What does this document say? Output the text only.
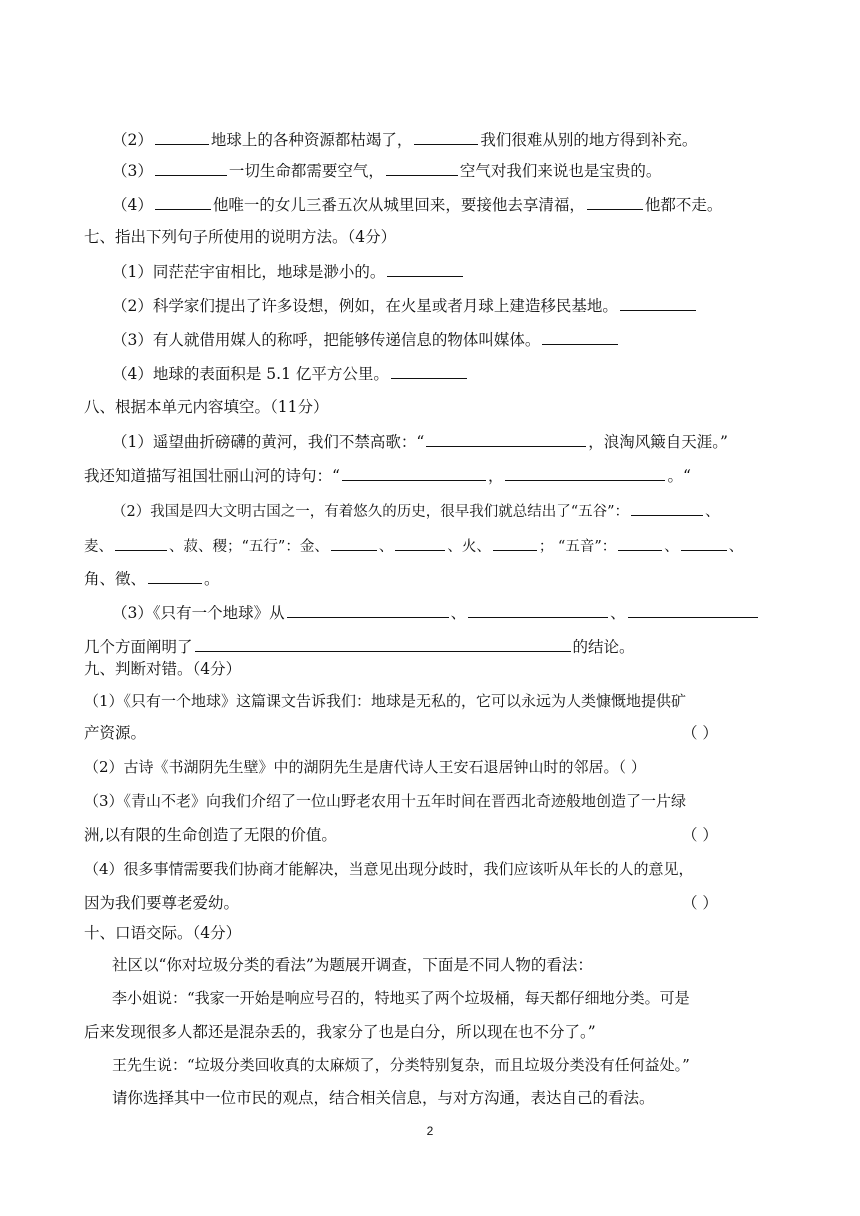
（2）	地球上的各种资源都枯竭了，	我们很难从别的地方得到补充。
（3）	一切生命都需要空气，	空气对我们来说也是宝贵的。
（4）	他唯一的女儿三番五次从城里回来，要接他去享清福，	他都不走。
七、指出下列句子所使用的说明方法。（4分）
（1）同茫茫宇宙相比，地球是渺小的。
（2）科学家们提出了许多设想，例如，在火星或者月球上建造移民基地。
（3）有人就借用媒人的称呼，把能够传递信息的物体叫媒体。
（4）地球的表面积是 5.1 亿平方公里。
八、根据本单元内容填空。（11分）
（1）遥望曲折磅礴的黄河，我们不禁高歌：“	，浪淘风簸自天涯。”
我还知道描写祖国壮丽山河的诗句：“	，	。“
（2）我国是四大文明古国之一，有着悠久的历史，很早我们就总结出了“五谷”：	、
麦、	、菽、稷；“五行”：金、	、	、火、	； “五音”：	、	、
角、徵、	。
（3）《只有一个地球》从	、	、
几个方面阐明了	的结论。
九、判断对错。（4分）
（1）《只有一个地球》这篇课文告诉我们：地球是无私的，它可以永远为人类慷慨地提供矿
产资源。	（ ）
（2）古诗《书湖阴先生壁》中的湖阴先生是唐代诗人王安石退居钟山时的邻居。（ ）
（3）《青山不老》向我们介绍了一位山野老农用十五年时间在晋西北奇迹般地创造了一片绿
洲,以有限的生命创造了无限的价值。	（ ）
（4）很多事情需要我们协商才能解决，当意见出现分歧时，我们应该听从年长的人的意见，
因为我们要尊老爱幼。	（ ）
十、口语交际。（4分）
社区以“你对垃圾分类的看法”为题展开调查，下面是不同人物的看法：
李小姐说：“我家一开始是响应号召的，特地买了两个垃圾桶，每天都仔细地分类。可是
后来发现很多人都还是混杂丢的，我家分了也是白分，所以现在也不分了。”
王先生说：“垃圾分类回收真的太麻烦了，分类特别复杂，而且垃圾分类没有任何益处。”
请你选择其中一位市民的观点，结合相关信息，与对方沟通，表达自己的看法。
2
